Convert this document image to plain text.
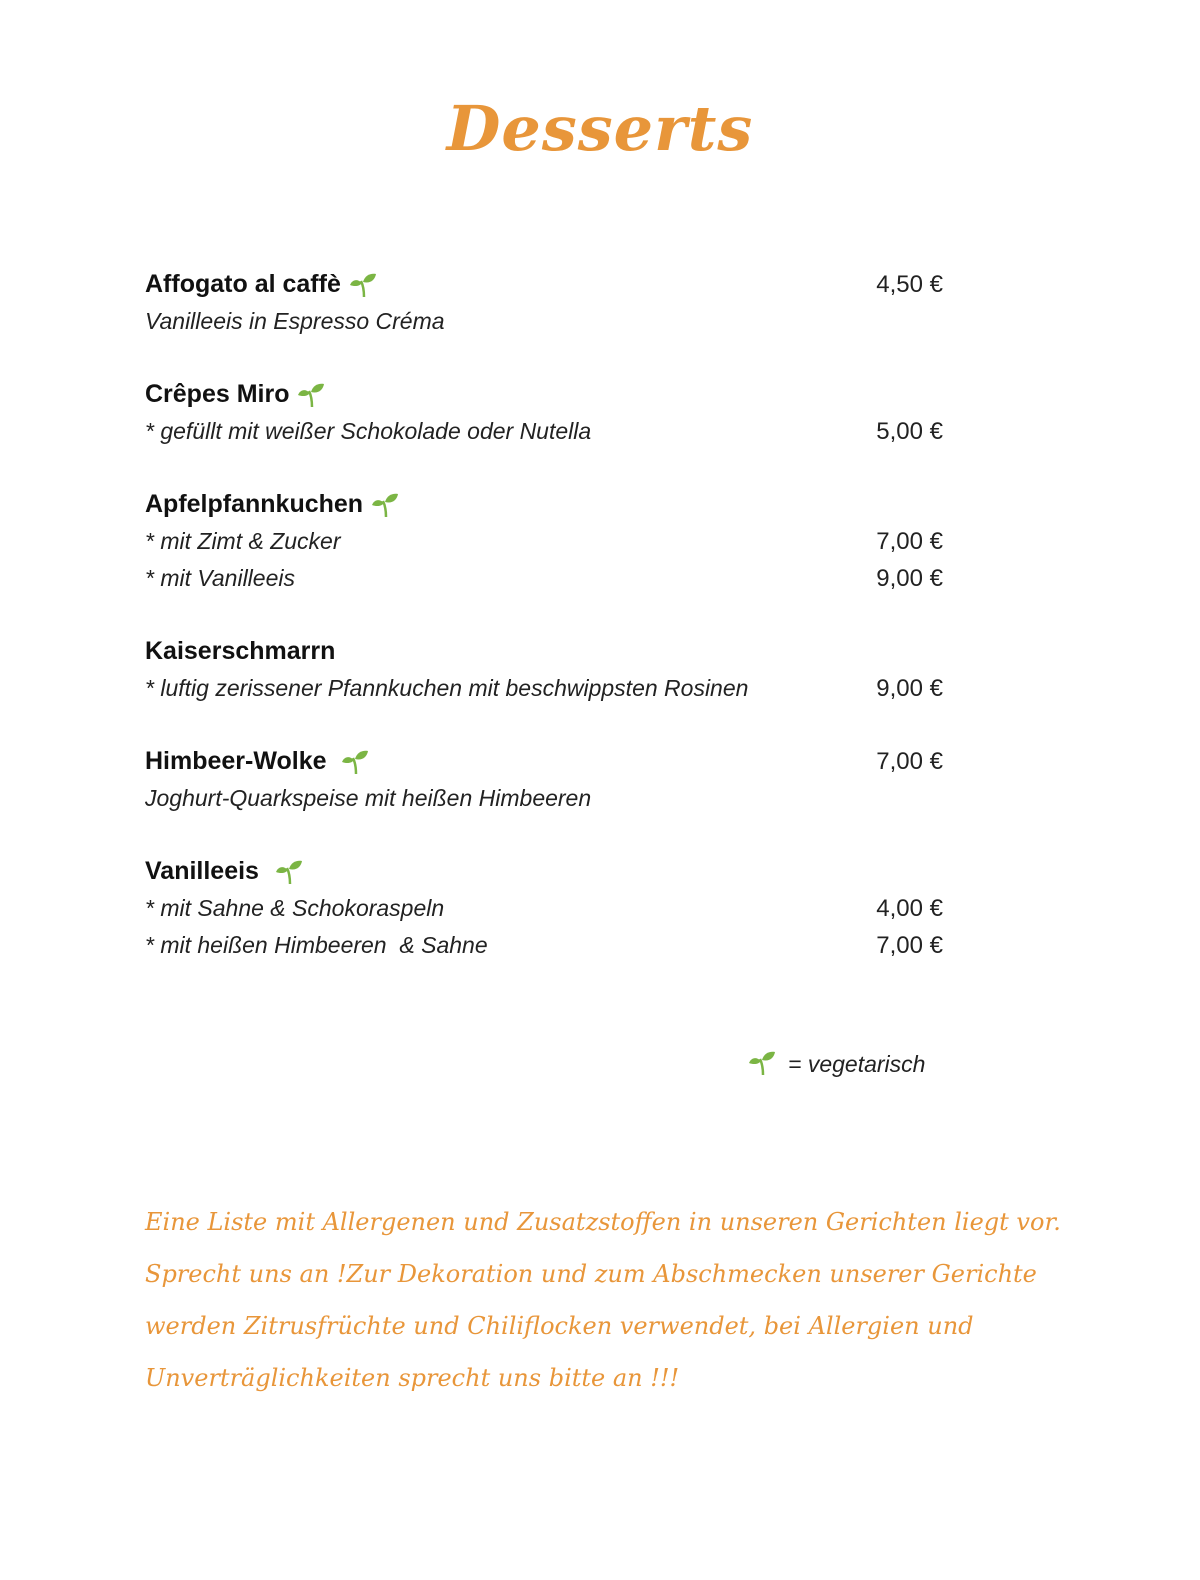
Desserts
Affogato al caffè	4,50 €
Vanilleeis in Espresso Créma
Crêpes Miro
* gefüllt mit weißer Schokolade oder Nutella	5,00 €
Apfelpfannkuchen
* mit Zimt & Zucker	7,00 €
* mit Vanilleeis	9,00 €
Kaiserschmarrn
* luftig zerissener Pfannkuchen mit beschwippsten Rosinen	9,00 €
Himbeer-Wolke	7,00 €
Joghurt-Quarkspeise mit heißen Himbeeren
Vanilleeis
* mit Sahne & Schokoraspeln	4,00 €
* mit heißen Himbeeren  & Sahne	7,00 €
= vegetarisch
Eine Liste mit Allergenen und Zusatzstoffen in unseren Gerichten liegt vor. Sprecht uns an !Zur Dekoration und zum Abschmecken unserer Gerichte werden Zitrusfrüchte und Chiliflocken verwendet, bei Allergien und Unverträglichkeiten sprecht uns bitte an !!!
